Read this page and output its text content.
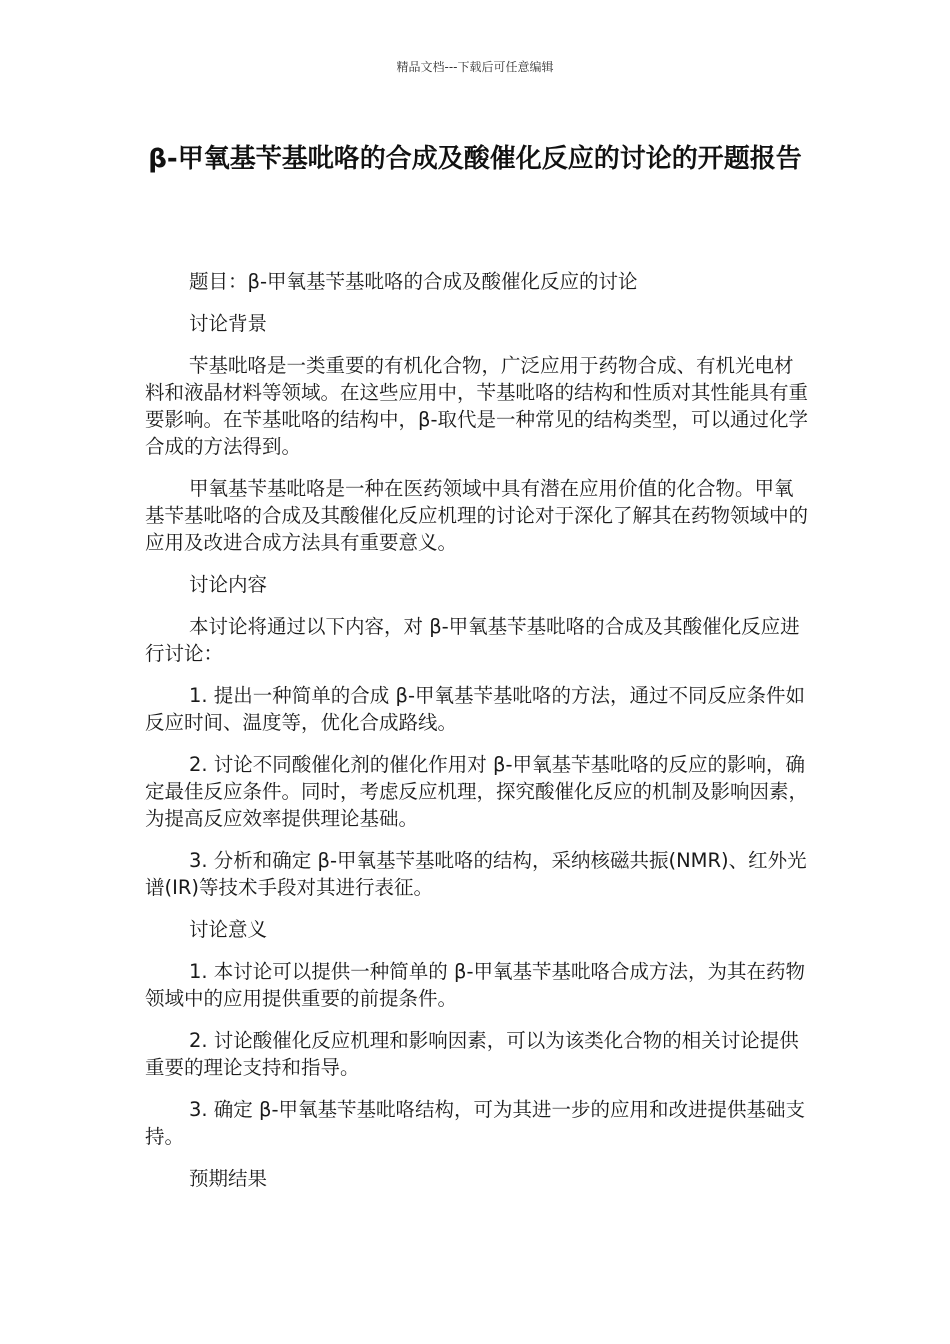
精品文档---下载后可任意编辑
β-甲氧基苄基吡咯的合成及酸催化反应的讨论的开题报告

题目：β-甲氧基苄基吡咯的合成及酸催化反应的讨论

讨论背景

苄基吡咯是一类重要的有机化合物，广泛应用于药物合成、有机光电材料和液晶材料等领域。在这些应用中，苄基吡咯的结构和性质对其性能具有重要影响。在苄基吡咯的结构中，β-取代是一种常见的结构类型，可以通过化学合成的方法得到。

甲氧基苄基吡咯是一种在医药领域中具有潜在应用价值的化合物。甲氧基苄基吡咯的合成及其酸催化反应机理的讨论对于深化了解其在药物领域中的应用及改进合成方法具有重要意义。

讨论内容

本讨论将通过以下内容，对 β-甲氧基苄基吡咯的合成及其酸催化反应进行讨论：

1. 提出一种简单的合成 β-甲氧基苄基吡咯的方法，通过不同反应条件如反应时间、温度等，优化合成路线。

2. 讨论不同酸催化剂的催化作用对 β-甲氧基苄基吡咯的反应的影响，确定最佳反应条件。同时，考虑反应机理，探究酸催化反应的机制及影响因素，为提高反应效率提供理论基础。

3. 分析和确定 β-甲氧基苄基吡咯的结构，采纳核磁共振(NMR)、红外光谱(IR)等技术手段对其进行表征。

讨论意义

1. 本讨论可以提供一种简单的 β-甲氧基苄基吡咯合成方法，为其在药物领域中的应用提供重要的前提条件。

2. 讨论酸催化反应机理和影响因素，可以为该类化合物的相关讨论提供重要的理论支持和指导。

3. 确定 β-甲氧基苄基吡咯结构，可为其进一步的应用和改进提供基础支持。

预期结果
